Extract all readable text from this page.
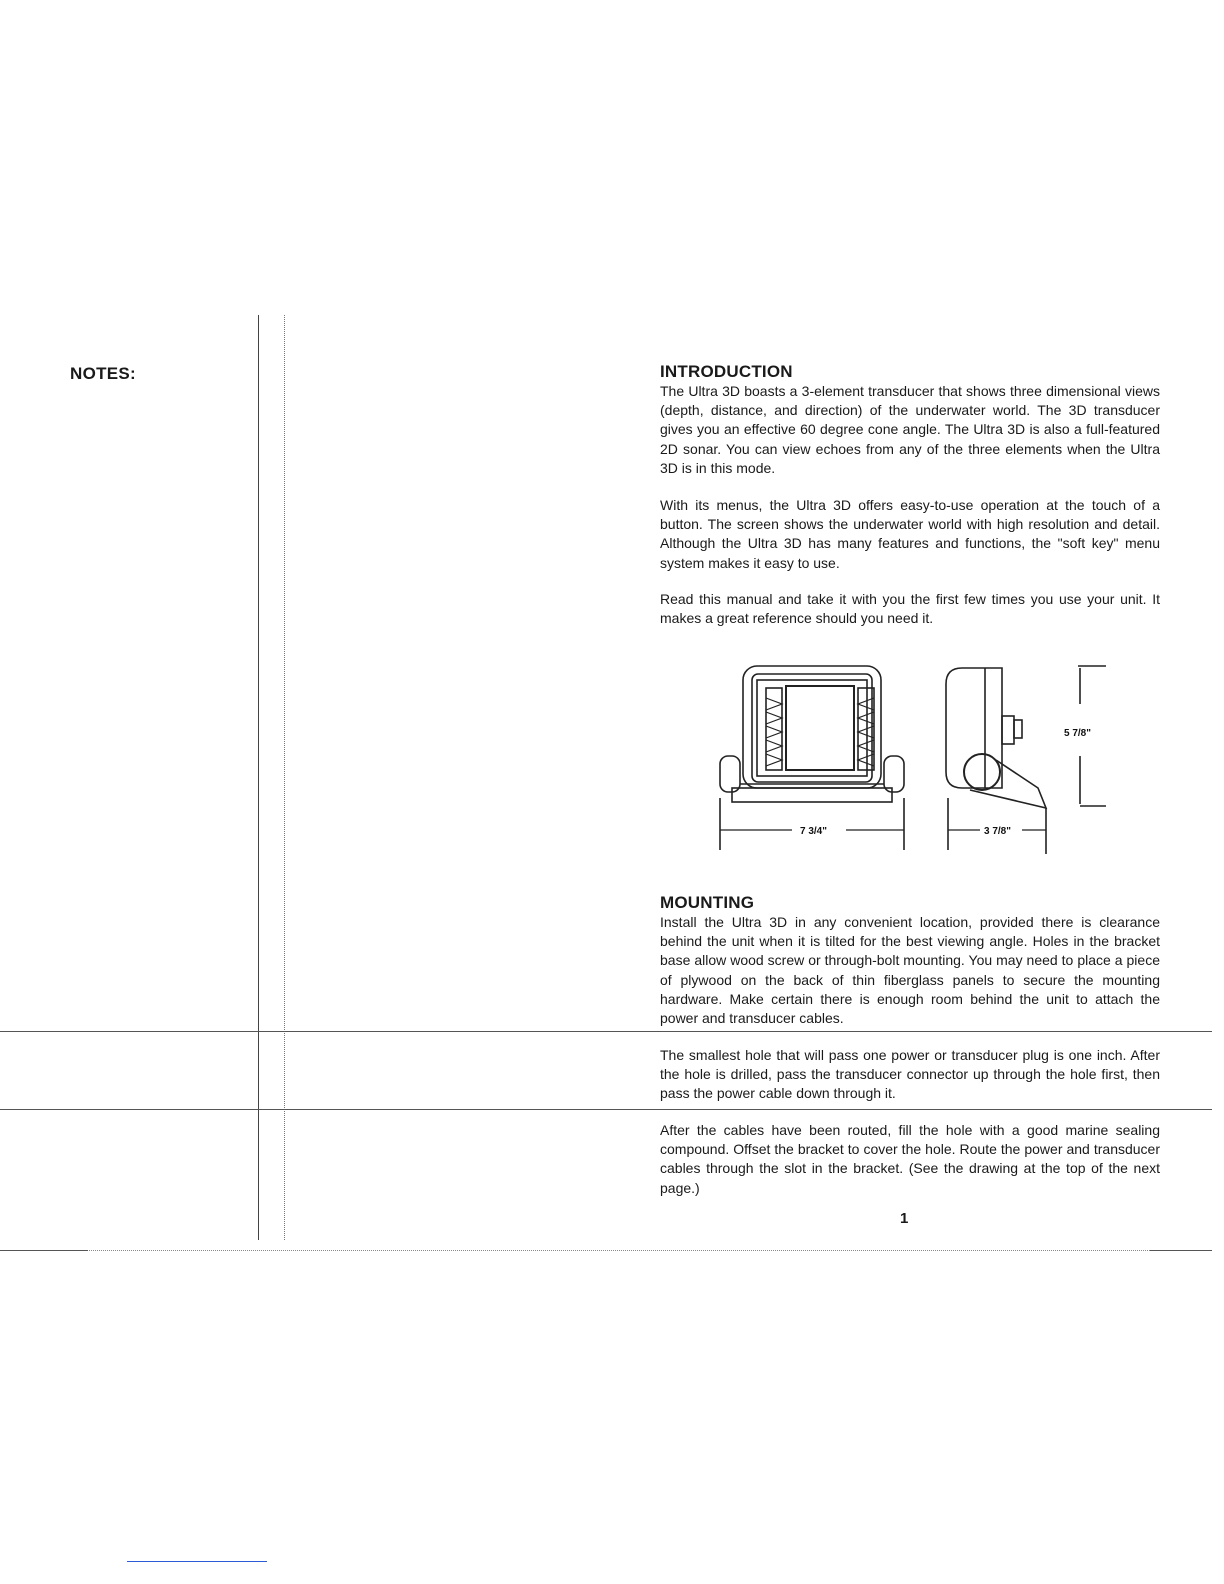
NOTES:	INTRODUCTION

The Ultra 3D boasts a 3-element transducer that shows three dimensional views (depth, distance, and direction) of the underwater world. The 3D transducer gives you an effective 60 degree cone angle. The Ultra 3D is also a full-featured 2D sonar. You can view echoes from any of the three elements when the Ultra 3D is in this mode.

With its menus, the Ultra 3D offers easy-to-use operation at the touch of a button. The screen shows the underwater world with high resolution and detail. Although the Ultra 3D has many features and functions, the "soft key" menu system makes it easy to use.

Read this manual and take it with you the first few times you use your unit. It makes a great reference should you need it.

7 3/4"	3 7/8"
5 7/8"
MOUNTING

Install the Ultra 3D in any convenient location, provided there is clearance behind the unit when it is tilted for the best viewing angle. Holes in the bracket base allow wood screw or through-bolt mounting. You may need to place a piece of plywood on the back of thin fiberglass panels to secure the mounting hardware. Make certain there is enough room behind the unit to attach the power and transducer cables.

The smallest hole that will pass one power or transducer plug is one inch. After the hole is drilled, pass the transducer connector up through the hole first, then pass the power cable down through it.

After the cables have been routed, fill the hole with a good marine sealing compound. Offset the bracket to cover the hole. Route the power and transducer cables through the slot in the bracket. (See the drawing at the top of the next page.)

1
